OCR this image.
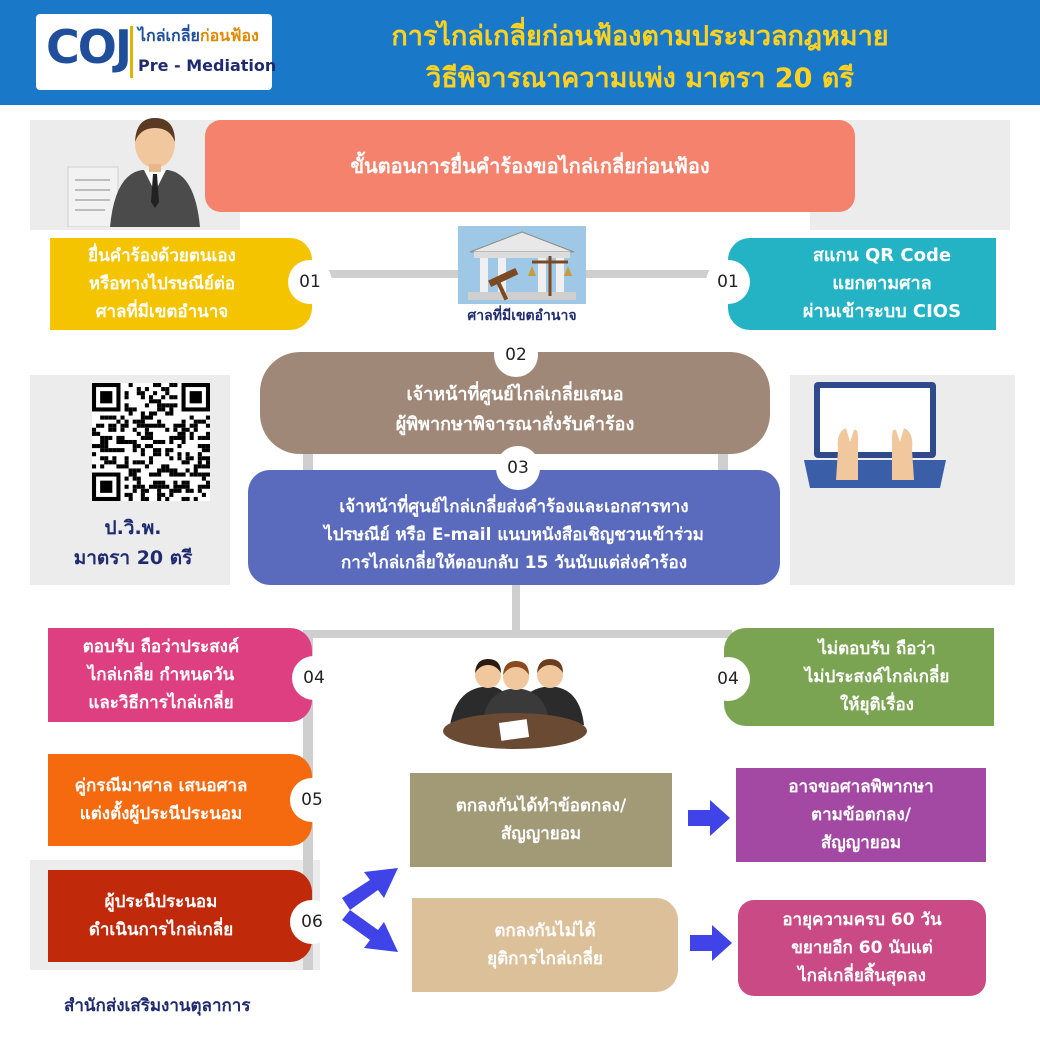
COJ ไกล่เกลี่ยก่อนฟ้อง
Pre - Mediation
การไกล่เกลี่ยก่อนฟ้องตามประมวลกฎหมาย
วิธีพิจารณาความแพ่ง มาตรา 20 ตรี
ขั้นตอนการยื่นคำร้องขอไกล่เกลี่ยก่อนฟ้อง
ยื่นคำร้องด้วยตนเอง
หรือทางไปรษณีย์ต่อ
ศาลที่มีเขตอำนาจ
01
ศาลที่มีเขตอำนาจ
สแกน QR Code
แยกตามศาล
ผ่านเข้าระบบ CIOS
01
เจ้าหน้าที่ศูนย์ไกล่เกลี่ยเสนอ
ผู้พิพากษาพิจารณาสั่งรับคำร้อง
02
ป.วิ.พ.
มาตรา 20 ตรี
เจ้าหน้าที่ศูนย์ไกล่เกลี่ยส่งคำร้องและเอกสารทาง
ไปรษณีย์ หรือ E-mail แนบหนังสือเชิญชวนเข้าร่วม
การไกล่เกลี่ยให้ตอบกลับ 15 วันนับแต่ส่งคำร้อง
03
ตอบรับ ถือว่าประสงค์
ไกล่เกลี่ย กำหนดวัน
และวิธีการไกล่เกลี่ย
04
ไม่ตอบรับ ถือว่า
ไม่ประสงค์ไกล่เกลี่ย
ให้ยุติเรื่อง
04
คู่กรณีมาศาล เสนอศาล
แต่งตั้งผู้ประนีประนอม
05
ผู้ประนีประนอม
ดำเนินการไกล่เกลี่ย	06
ตกลงกันได้ทำข้อตกลง/
สัญญายอม
อาจขอศาลพิพากษา
ตามข้อตกลง/
สัญญายอม
ตกลงกันไม่ได้
ยุติการไกล่เกลี่ย
อายุความครบ 60 วัน
ขยายอีก 60 นับแต่
ไกล่เกลี่ยสิ้นสุดลง
สำนักส่งเสริมงานตุลาการ
